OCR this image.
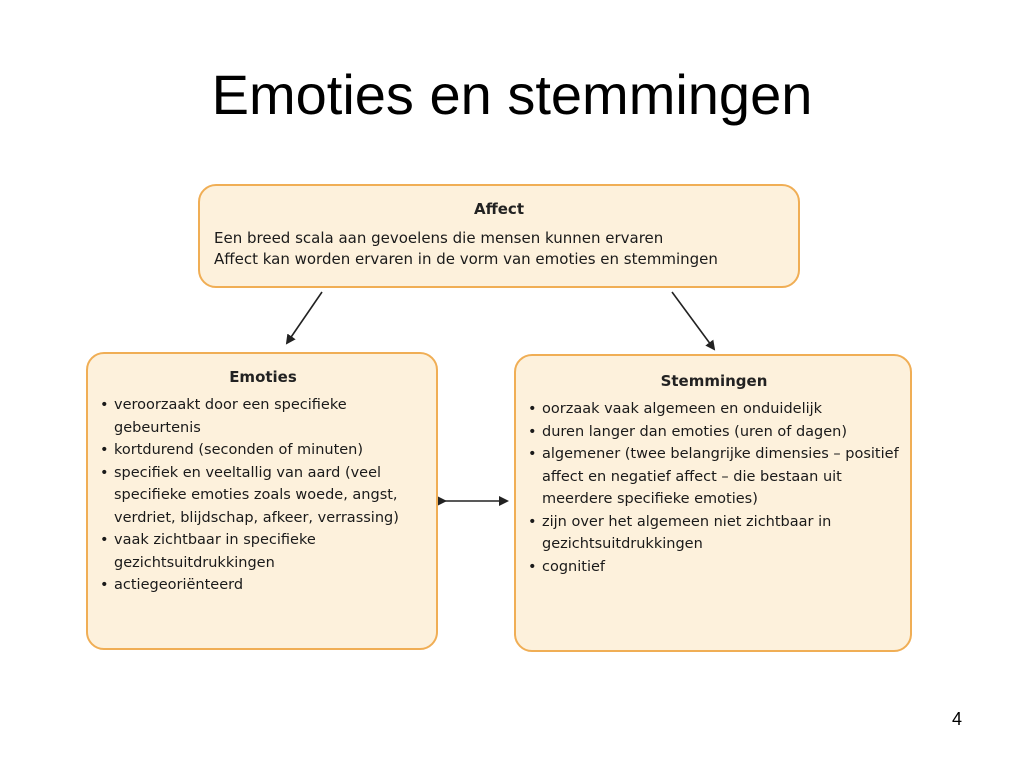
Emoties en stemmingen
Affect
Een breed scala aan gevoelens die mensen kunnen ervaren
Affect kan worden ervaren in de vorm van emoties en stemmingen
Emoties
• veroorzaakt door een specifieke gebeurtenis
• kortdurend (seconden of minuten)
• specifiek en veeltallig van aard (veel specifieke emoties zoals woede, angst, verdriet, blijdschap, afkeer, verrassing)
• vaak zichtbaar in specifieke gezichtsuitdrukkingen
• actiegeoriënteerd
Stemmingen
• oorzaak vaak algemeen en onduidelijk
• duren langer dan emoties (uren of dagen)
• algemener (twee belangrijke dimensies – positief affect en negatief affect – die bestaan uit meerdere specifieke emoties)
• zijn over het algemeen niet zichtbaar in gezichtsuitdrukkingen
• cognitief
4
